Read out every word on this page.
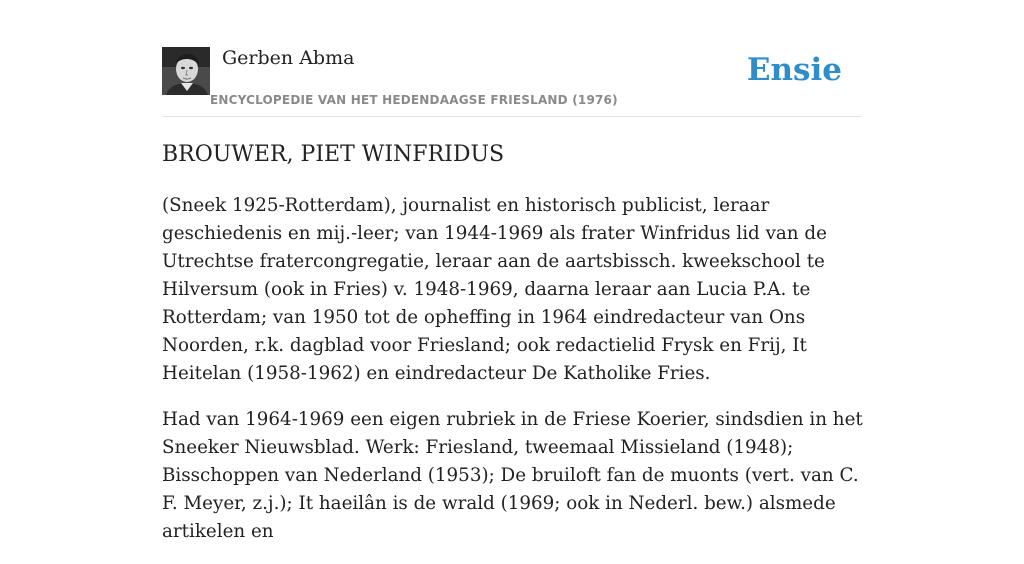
Gerben Abma
ENCYCLOPEDIE VAN HET HEDENDAAGSE FRIESLAND (1976)
Ensie
BROUWER, PIET WINFRIDUS

(Sneek 1925-Rotterdam), journalist en historisch publicist, leraar geschiedenis en mij.-leer; van 1944-1969 als frater Winfridus lid van de Utrechtse fratercongregatie, leraar aan de aartsbissch. kweekschool te Hilversum (ook in Fries) v. 1948-1969, daarna leraar aan Lucia P.A. te Rotterdam; van 1950 tot de opheffing in 1964 eindredacteur van Ons Noorden, r.k. dagblad voor Friesland; ook redactielid Frysk en Frij, It Heitelan (1958-1962) en eindredacteur De Katholike Fries.

Had van 1964-1969 een eigen rubriek in de Friese Koerier, sindsdien in het Sneeker Nieuwsblad. Werk: Friesland, tweemaal Missieland (1948); Bisschoppen van Nederland (1953); De bruiloft fan de muonts (vert. van C. F. Meyer, z.j.); It haeilân is de wrald (1969; ook in Nederl. bew.) alsmede artikelen en
